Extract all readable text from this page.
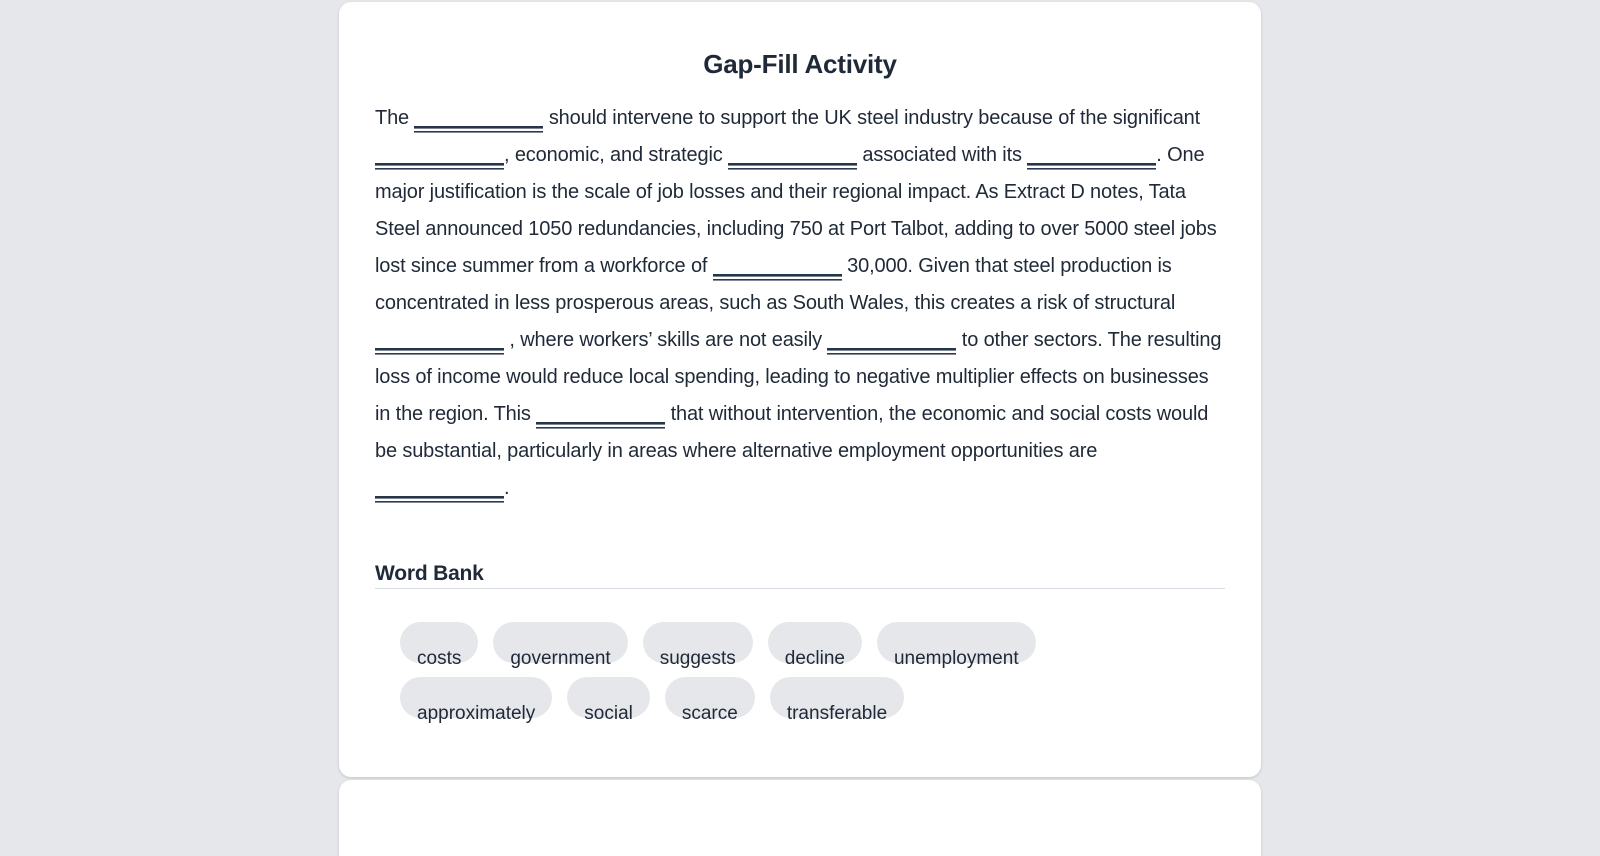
Gap-Fill Activity

The	should intervene to support the UK steel industry because of the significant , economic, and strategic	associated with its	. One major justification is the scale of job losses and their regional impact. As Extract D notes, Tata Steel announced 1050 redundancies, including 750 at Port Talbot, adding to over 5000 steel jobs lost since summer from a workforce of	30,000. Given that steel production is concentrated in less prosperous areas, such as South Wales, this creates a risk of structural  , where workers’ skills are not easily	to other sectors. The resulting loss of income would reduce local spending, leading to negative multiplier effects on businesses in the region. This	that without intervention, the economic and social costs would be substantial, particularly in areas where alternative employment opportunities are .

Word Bank
costs	government	suggests	decline	unemployment
approximately	social	scarce	transferable
